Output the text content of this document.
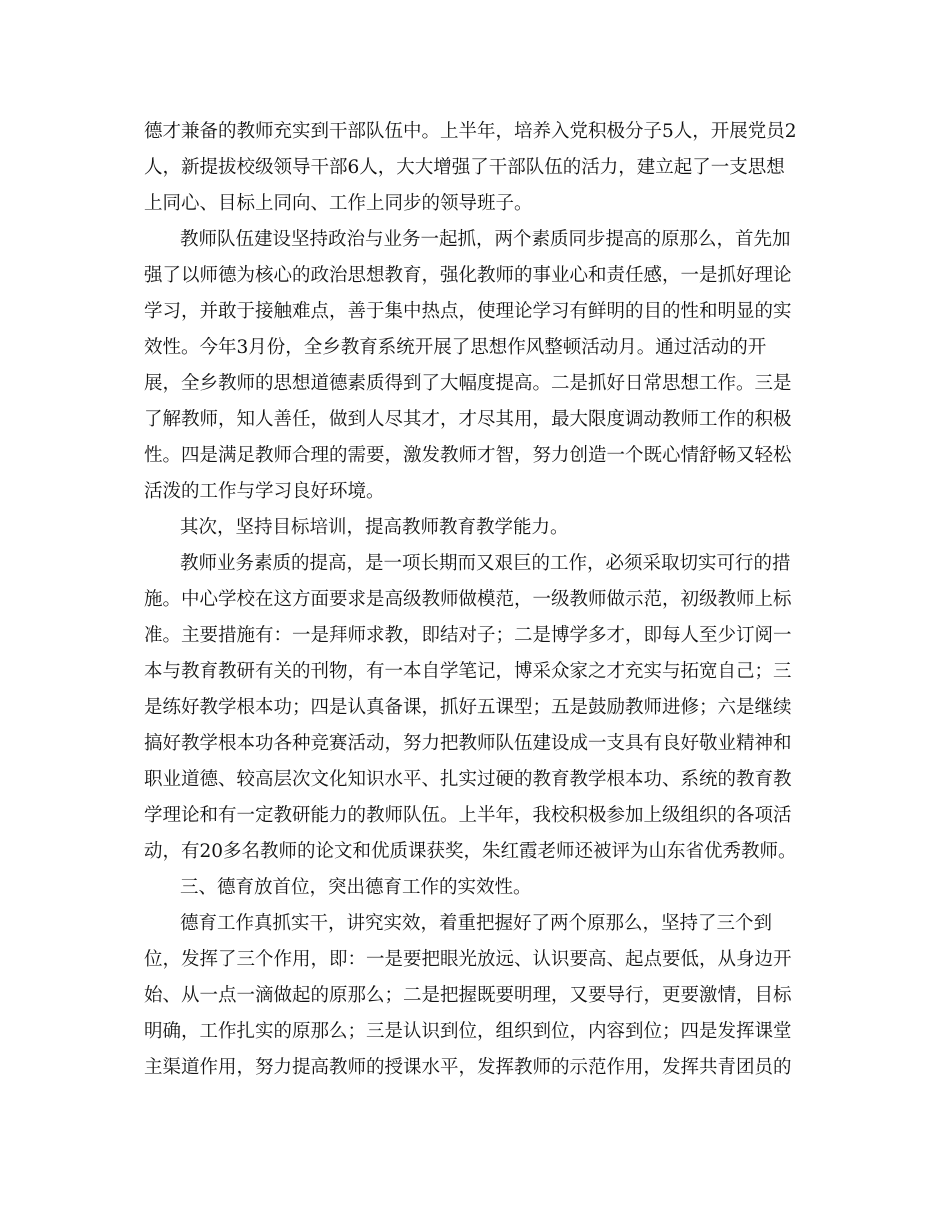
德才兼备的教师充实到干部队伍中。上半年，培养入党积极分子5人，开展党员2
人，新提拔校级领导干部6人，大大增强了干部队伍的活力，建立起了一支思想
上同心、目标上同向、工作上同步的领导班子。
教师队伍建设坚持政治与业务一起抓，两个素质同步提高的原那么，首先加
强了以师德为核心的政治思想教育，强化教师的事业心和责任感，一是抓好理论
学习，并敢于接触难点，善于集中热点，使理论学习有鲜明的目的性和明显的实
效性。今年3月份，全乡教育系统开展了思想作风整顿活动月。通过活动的开
展，全乡教师的思想道德素质得到了大幅度提高。二是抓好日常思想工作。三是
了解教师，知人善任，做到人尽其才，才尽其用，最大限度调动教师工作的积极
性。四是满足教师合理的需要，激发教师才智，努力创造一个既心情舒畅又轻松
活泼的工作与学习良好环境。
其次，坚持目标培训，提高教师教育教学能力。
教师业务素质的提高，是一项长期而又艰巨的工作，必须采取切实可行的措
施。中心学校在这方面要求是高级教师做模范，一级教师做示范，初级教师上标
准。主要措施有：一是拜师求教，即结对子；二是博学多才，即每人至少订阅一
本与教育教研有关的刊物，有一本自学笔记，博采众家之才充实与拓宽自己；三
是练好教学根本功；四是认真备课，抓好五课型；五是鼓励教师进修；六是继续
搞好教学根本功各种竞赛活动，努力把教师队伍建设成一支具有良好敬业精神和
职业道德、较高层次文化知识水平、扎实过硬的教育教学根本功、系统的教育教
学理论和有一定教研能力的教师队伍。上半年，我校积极参加上级组织的各项活
动，有20多名教师的论文和优质课获奖，朱红霞老师还被评为山东省优秀教师。
三、德育放首位，突出德育工作的实效性。
德育工作真抓实干，讲究实效，着重把握好了两个原那么，坚持了三个到
位，发挥了三个作用，即：一是要把眼光放远、认识要高、起点要低，从身边开
始、从一点一滴做起的原那么；二是把握既要明理，又要导行，更要激情，目标
明确，工作扎实的原那么；三是认识到位，组织到位，内容到位；四是发挥课堂
主渠道作用，努力提高教师的授课水平，发挥教师的示范作用，发挥共青团员的
